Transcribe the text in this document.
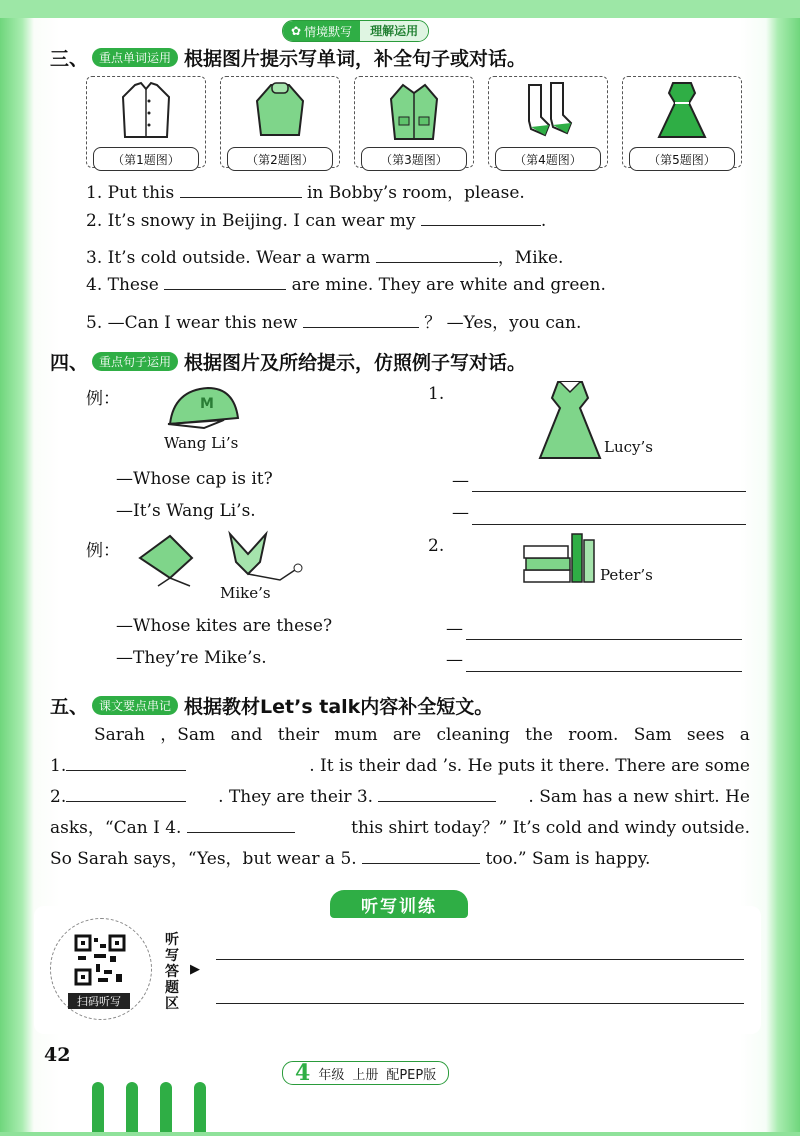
✿ 情境默写	理解运用
三、 重点单词运用 根据图片提示写单词，补全句子或对话。
（第1题图）	（第2题图）	（第3题图）	（第4题图）	（第5题图）
1. Put this	in Bobby’s room，please.
2. It’s snowy in Beijing. I can wear my	.
3. It’s cold outside. Wear a warm	，Mike.
4. These	are mine. They are white and green.
5. —Can I wear this new	？ —Yes，you can.
四、 重点句子运用 根据图片及所给提示，仿照例子写对话。
例：	M
Wang Li’s
—Whose cap is it?
—It’s Wang Li’s.
1.
Lucy’s
—
—
例：
Mike’s
—Whose kites are these?
—They’re Mike’s.
2.
Peter’s
—
—
五、 课文要点串记 根据教材Let’s talk内容补全短文。
Sarah ，Sam and their mum are cleaning the room. Sam sees a
1.	. It is their dad ’s. He puts it there. There are some
2.	. They are their 3.	. Sam has a new shirt. He
asks，“Can I 4.	this shirt today？” It’s cold and windy outside.
So Sarah says，“Yes，but wear a 5.	too.” Sam is happy.
听写训练
扫码听写
听写答题区
▶
42
4 年级 上册 配PEP版
